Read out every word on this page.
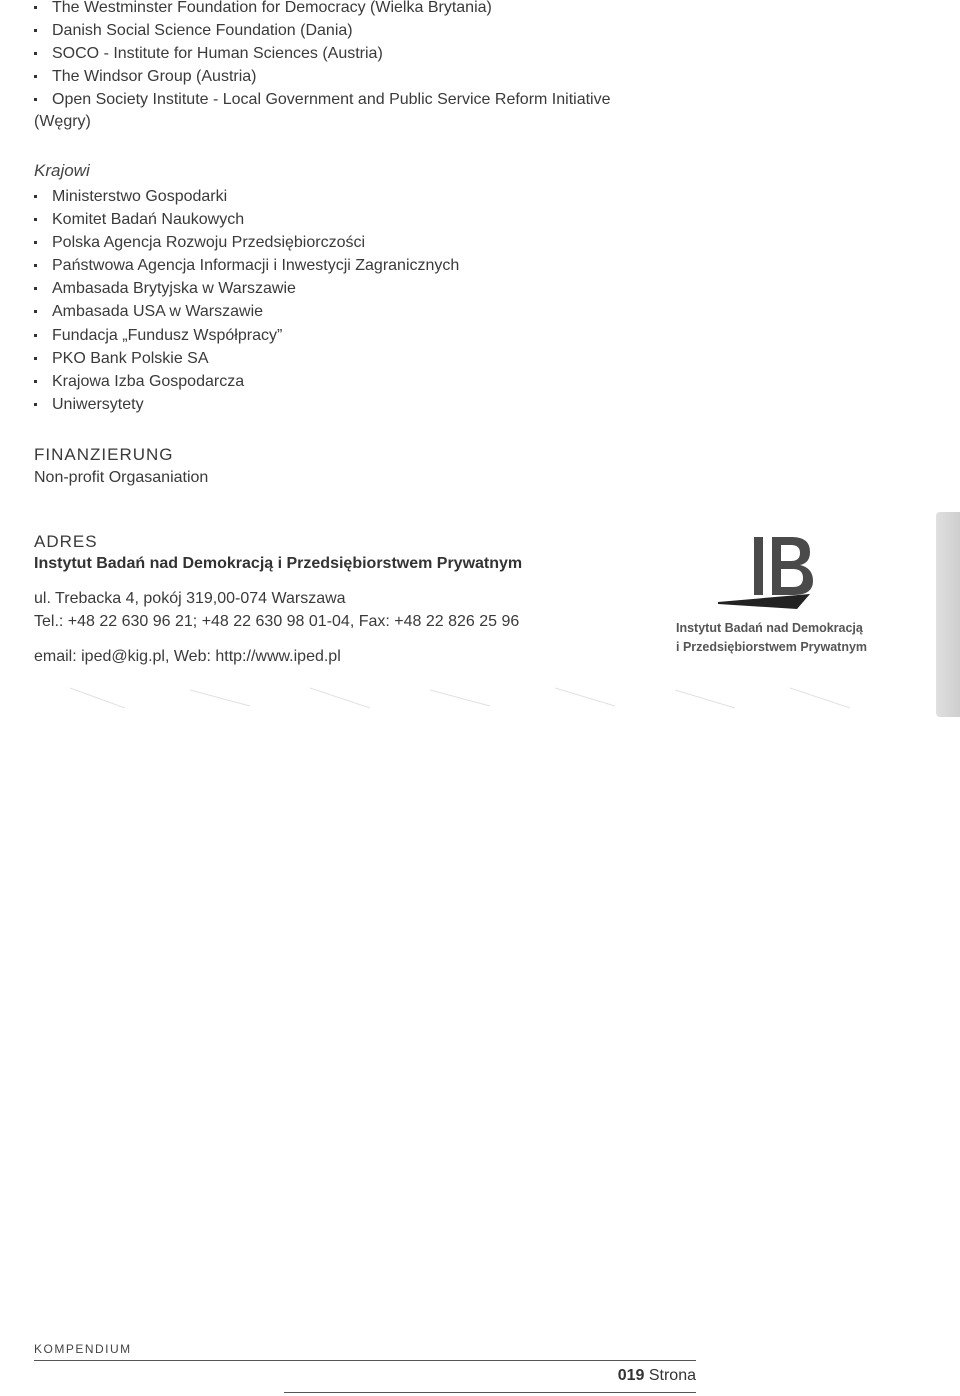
The Westminster Foundation for Democracy (Wielka Brytania)
Danish Social Science Foundation (Dania)
SOCO - Institute for Human Sciences (Austria)
The Windsor Group (Austria)
Open Society Institute - Local Government and Public Service Reform Initiative
(Węgry)
Krajowi
Ministerstwo Gospodarki
Komitet Badań Naukowych
Polska Agencja Rozwoju Przedsiębiorczości
Państwowa Agencja Informacji i Inwestycji Zagranicznych
Ambasada Brytyjska w Warszawie
Ambasada USA w Warszawie
Fundacja „Fundusz Współpracy”
PKO Bank Polskie SA
Krajowa Izba Gospodarcza
Uniwersytety
FINANZIERUNG
Non-profit Orgasaniation
ADRES
Instytut Badań nad Demokracją i Przedsiębiorstwem Prywatnym
ul. Trebacka 4, pokój 319,00-074 Warszawa
Tel.: +48 22 630 96 21; +48 22 630 98 01-04, Fax: +48 22 826 25 96
email: iped@kig.pl, Web: http://www.iped.pl
Instytut Badań nad Demokracją
i Przedsiębiorstwem Prywatnym
KOMPENDIUM
019 Strona
